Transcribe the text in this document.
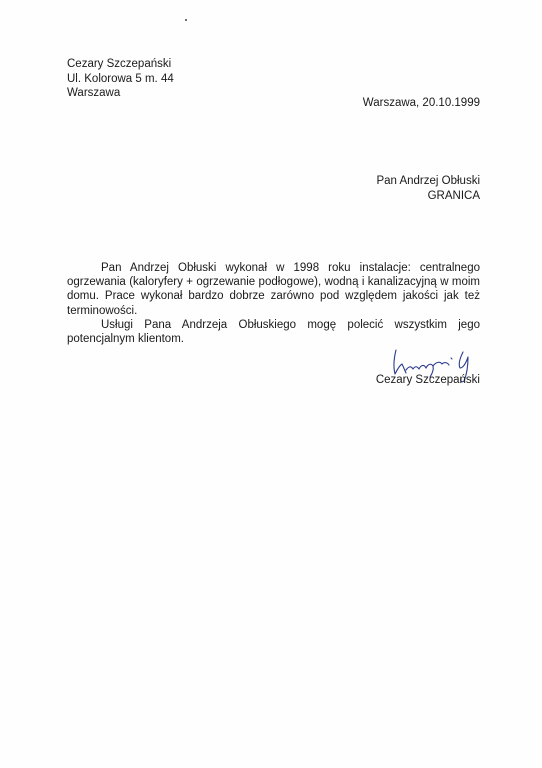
Cezary Szczepański
Ul. Kolorowa 5 m. 44
Warszawa
Warszawa, 20.10.1999
Pan Andrzej Obłuski
GRANICA

Pan Andrzej Obłuski wykonał w 1998 roku instalacje: centralnego ogrzewania (kaloryfery + ogrzewanie podłogowe), wodną i kanalizacyjną w moim domu. Prace wykonał bardzo dobrze zarówno pod względem jakości jak też terminowości.

Usługi Pana Andrzeja Obłuskiego mogę polecić wszystkim jego potencjalnym klientom.

Cezary Szczepański
